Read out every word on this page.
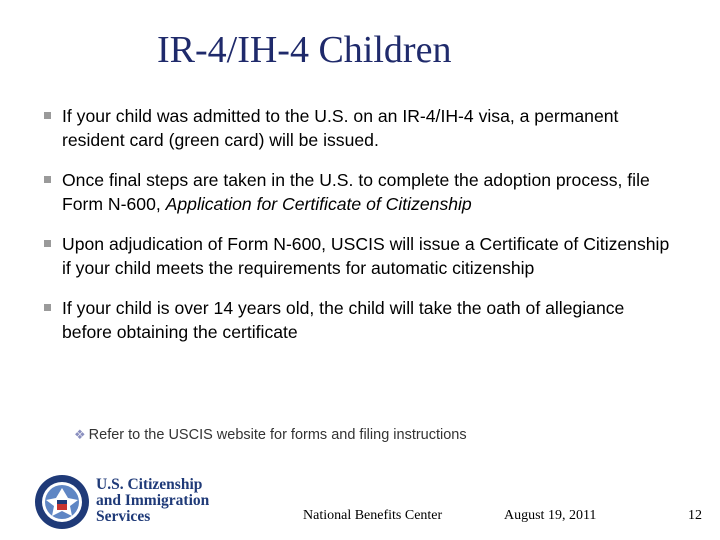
IR-4/IH-4 Children
If your child was admitted to the U.S. on an IR-4/IH-4 visa, a permanent resident card (green card) will be issued.
Once final steps are taken in the U.S. to complete the adoption process, file Form N-600, Application for Certificate of Citizenship
Upon adjudication of Form N-600, USCIS will issue a Certificate of Citizenship if your child meets the requirements for automatic citizenship
If your child is over 14 years old, the child will take the oath of allegiance before obtaining the certificate
❖ Refer to the USCIS website for forms and filing instructions
U.S. Citizenship
and Immigration
Services	National Benefits Center	August 19, 2011	12
